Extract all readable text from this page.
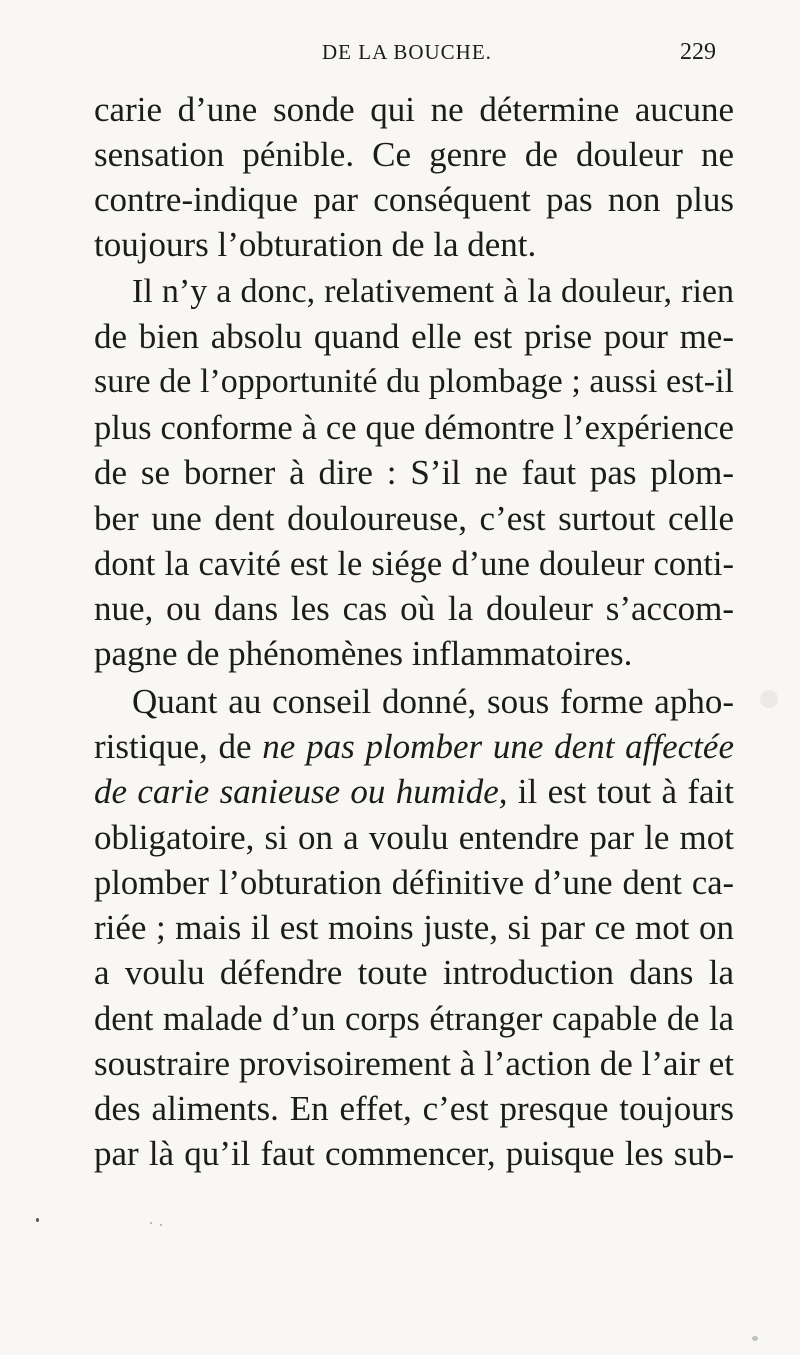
DE LA BOUCHE.	229
carie d’une sonde qui ne détermine aucune
sensation pénible. Ce genre de douleur ne
contre-indique par conséquent pas non plus
toujours l’obturation de la dent.
Il n’y a donc, relativement à la douleur, rien
de bien absolu quand elle est prise pour me-
sure de l’opportunité du plombage ; aussi est-il
plus conforme à ce que démontre l’expérience
de se borner à dire : S’il ne faut pas plom-
ber une dent douloureuse, c’est surtout celle
dont la cavité est le siége d’une douleur conti-
nue, ou dans les cas où la douleur s’accom-
pagne de phénomènes inflammatoires.
Quant au conseil donné, sous forme apho-
ristique, de ne pas plomber une dent affectée
de carie sanieuse ou humide, il est tout à fait
obligatoire, si on a voulu entendre par le mot
plomber l’obturation définitive d’une dent ca-
riée ; mais il est moins juste, si par ce mot on
a voulu défendre toute introduction dans la
dent malade d’un corps étranger capable de la
soustraire provisoirement à l’action de l’air et
des aliments. En effet, c’est presque toujours
par là qu’il faut commencer, puisque les sub-
